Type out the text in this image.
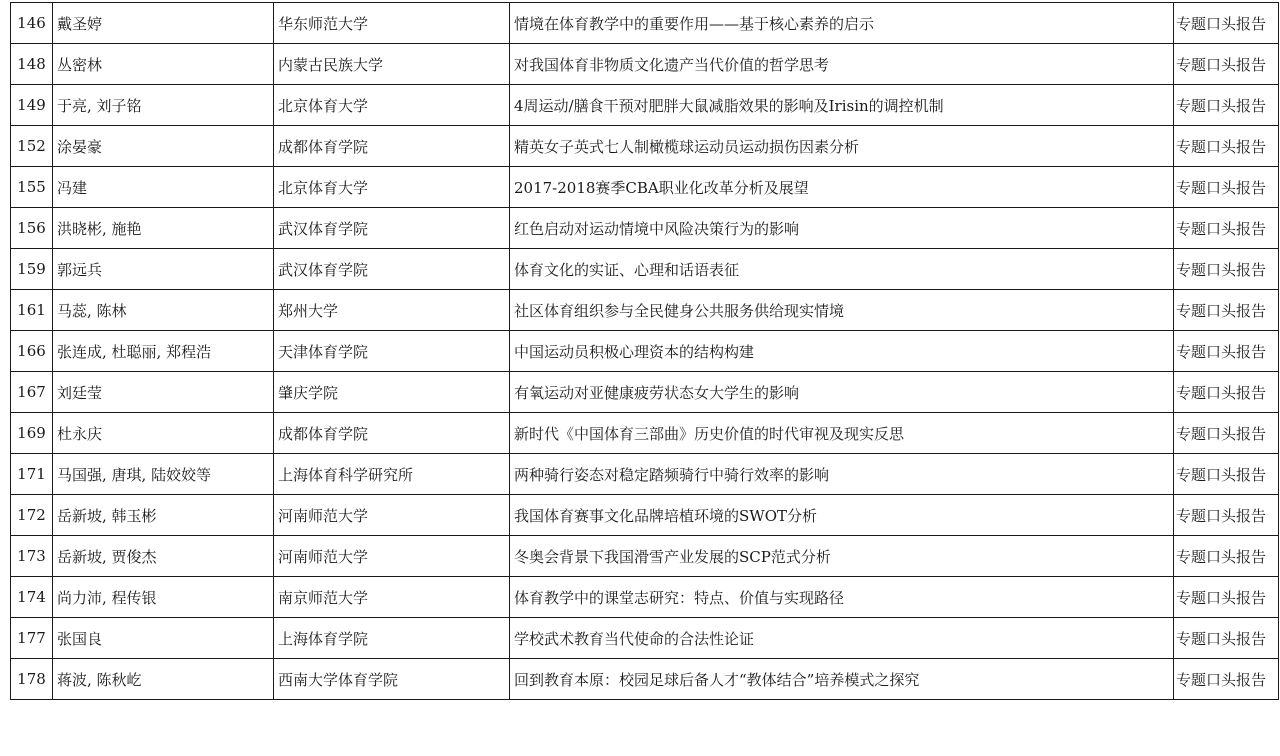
146	戴圣婷	华东师范大学	情境在体育教学中的重要作用——基于核心素养的启示	专题口头报告
148	丛密林	内蒙古民族大学	对我国体育非物质文化遗产当代价值的哲学思考	专题口头报告
149	于亮, 刘子铭	北京体育大学	4周运动/膳食干预对肥胖大鼠减脂效果的影响及Irisin的调控机制	专题口头报告
152	涂晏豪	成都体育学院	精英女子英式七人制橄榄球运动员运动损伤因素分析	专题口头报告
155	冯建	北京体育大学	2017-2018赛季CBA职业化改革分析及展望	专题口头报告
156	洪晓彬, 施艳	武汉体育学院	红色启动对运动情境中风险决策行为的影响	专题口头报告
159	郭远兵	武汉体育学院	体育文化的实证、心理和话语表征	专题口头报告
161	马蕊, 陈林	郑州大学	社区体育组织参与全民健身公共服务供给现实情境	专题口头报告
166	张连成, 杜聪丽, 郑程浩	天津体育学院	中国运动员积极心理资本的结构构建	专题口头报告
167	刘廷莹	肇庆学院	有氧运动对亚健康疲劳状态女大学生的影响	专题口头报告
169	杜永庆	成都体育学院	新时代《中国体育三部曲》历史价值的时代审视及现实反思	专题口头报告
171	马国强, 唐琪, 陆姣姣等	上海体育科学研究所	两种骑行姿态对稳定踏频骑行中骑行效率的影响	专题口头报告
172	岳新坡, 韩玉彬	河南师范大学	我国体育赛事文化品牌培植环境的SWOT分析	专题口头报告
173	岳新坡, 贾俊杰	河南师范大学	冬奥会背景下我国滑雪产业发展的SCP范式分析	专题口头报告
174	尚力沛, 程传银	南京师范大学	体育教学中的课堂志研究：特点、价值与实现路径	专题口头报告
177	张国良	上海体育学院	学校武术教育当代使命的合法性论证	专题口头报告
178	蒋波, 陈秋屹	西南大学体育学院	回到教育本原：校园足球后备人才“教体结合”培养模式之探究	专题口头报告
